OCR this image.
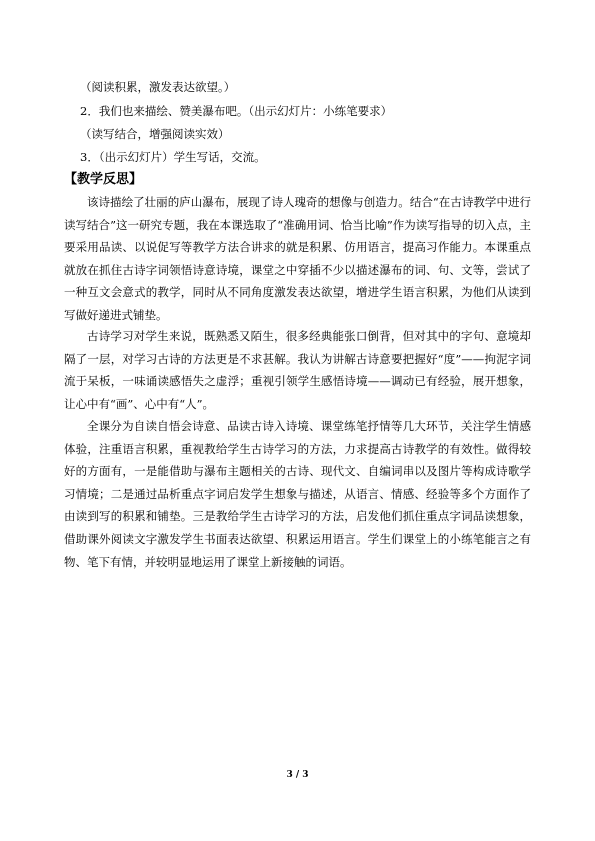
（阅读积累，激发表达欲望。）
2．我们也来描绘、赞美瀑布吧。（出示幻灯片：小练笔要求）
（读写结合，增强阅读实效）
3．（出示幻灯片）学生写话，交流。
【教学反思】

该诗描绘了壮丽的庐山瀑布，展现了诗人瑰奇的想像与创造力。结合“在古诗教学中进行读写结合”这一研究专题，我在本课选取了“准确用词、恰当比喻”作为读写指导的切入点，主要采用品读、以说促写等教学方法合讲求的就是积累、仿用语言，提高习作能力。本课重点就放在抓住古诗字词领悟诗意诗境，课堂之中穿插不少以描述瀑布的词、句、文等，尝试了一种互文会意式的教学，同时从不同角度激发表达欲望，增进学生语言积累，为他们从读到写做好递进式铺垫。

古诗学习对学生来说，既熟悉又陌生，很多经典能张口倒背，但对其中的字句、意境却隔了一层，对学习古诗的方法更是不求甚解。我认为讲解古诗意要把握好“度”——拘泥字词流于呆板，一味诵读感悟失之虚浮；重视引领学生感悟诗境——调动已有经验，展开想象，让心中有“画”、心中有“人”。

全课分为自读自悟会诗意、品读古诗入诗境、课堂练笔抒情等几大环节，关注学生情感体验，注重语言积累，重视教给学生古诗学习的方法，力求提高古诗教学的有效性。做得较好的方面有，一是能借助与瀑布主题相关的古诗、现代文、自编词串以及图片等构成诗歌学习情境；二是通过品析重点字词启发学生想象与描述，从语言、情感、经验等多个方面作了由读到写的积累和铺垫。三是教给学生古诗学习的方法，启发他们抓住重点字词品读想象，借助课外阅读文字激发学生书面表达欲望、积累运用语言。学生们课堂上的小练笔能言之有物、笔下有情，并较明显地运用了课堂上新接触的词语。

3 / 3
